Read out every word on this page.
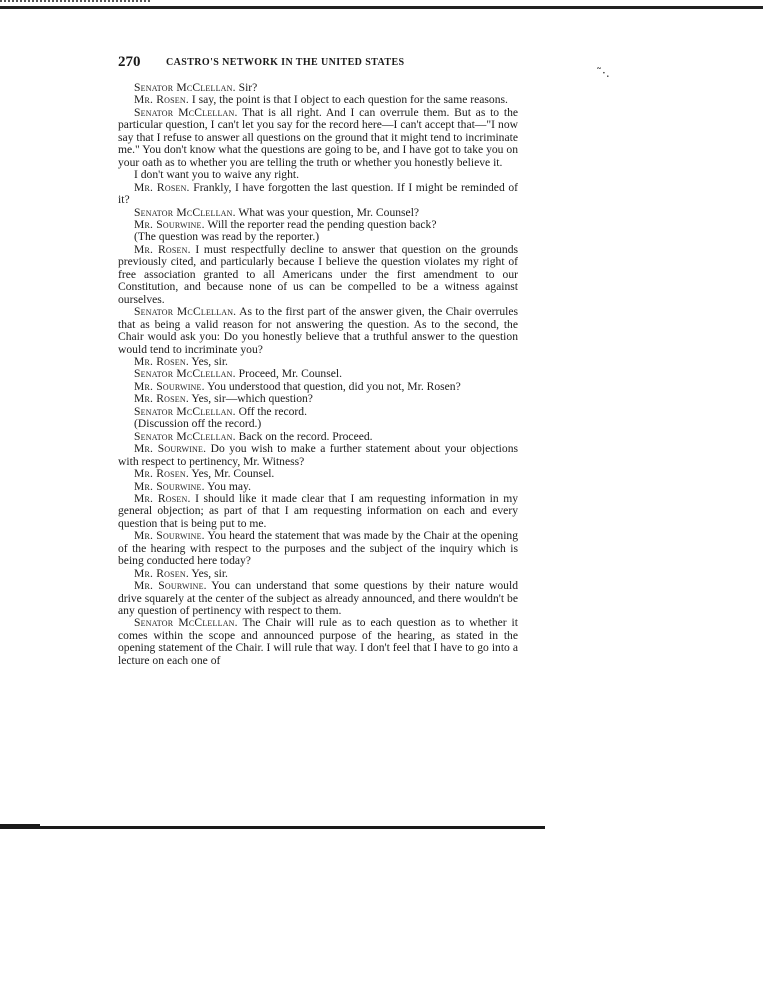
˜·.
270	CASTRO'S NETWORK IN THE UNITED STATES

Senator McClellan. Sir?

Mr. Rosen. I say, the point is that I object to each question for the same reasons.

Senator McClellan. That is all right. And I can overrule them. But as to the particular question, I can't let you say for the record here—I can't accept that—"I now say that I refuse to answer all questions on the ground that it might tend to incriminate me." You don't know what the questions are going to be, and I have got to take you on your oath as to whether you are telling the truth or whether you honestly believe it.

I don't want you to waive any right.

Mr. Rosen. Frankly, I have forgotten the last question. If I might be reminded of it?

Senator McClellan. What was your question, Mr. Counsel?

Mr. Sourwine. Will the reporter read the pending question back?

(The question was read by the reporter.)

Mr. Rosen. I must respectfully decline to answer that question on the grounds previously cited, and particularly because I believe the question violates my right of free association granted to all Americans under the first amendment to our Constitution, and because none of us can be compelled to be a witness against ourselves.

Senator McClellan. As to the first part of the answer given, the Chair overrules that as being a valid reason for not answering the question. As to the second, the Chair would ask you: Do you honestly believe that a truthful answer to the question would tend to incriminate you?

Mr. Rosen. Yes, sir.

Senator McClellan. Proceed, Mr. Counsel.

Mr. Sourwine. You understood that question, did you not, Mr. Rosen?

Mr. Rosen. Yes, sir—which question?

Senator McClellan. Off the record.

(Discussion off the record.)

Senator McClellan. Back on the record. Proceed.

Mr. Sourwine. Do you wish to make a further statement about your objections with respect to pertinency, Mr. Witness?

Mr. Rosen. Yes, Mr. Counsel.

Mr. Sourwine. You may.

Mr. Rosen. I should like it made clear that I am requesting information in my general objection; as part of that I am requesting information on each and every question that is being put to me.

Mr. Sourwine. You heard the statement that was made by the Chair at the opening of the hearing with respect to the purposes and the subject of the inquiry which is being conducted here today?

Mr. Rosen. Yes, sir.

Mr. Sourwine. You can understand that some questions by their nature would drive squarely at the center of the subject as already announced, and there wouldn't be any question of pertinency with respect to them.

Senator McClellan. The Chair will rule as to each question as to whether it comes within the scope and announced purpose of the hearing, as stated in the opening statement of the Chair. I will rule that way. I don't feel that I have to go into a lecture on each one of
